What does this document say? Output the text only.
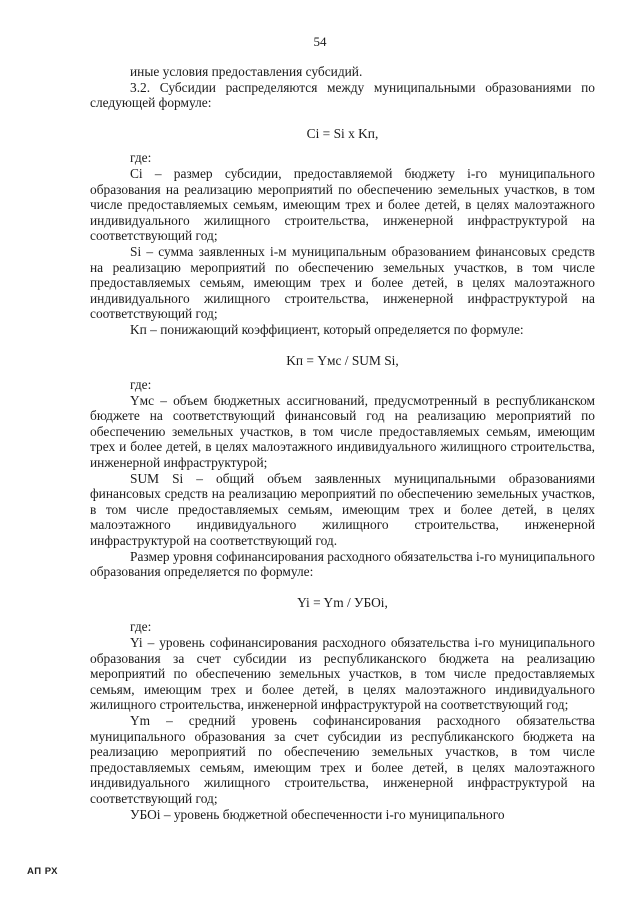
54

иные условия предоставления субсидий.

3.2. Субсидии распределяются между муниципальными образованиями по следующей формуле:

Ci = Si x Kп,

где:

Ci – размер субсидии, предоставляемой бюджету i-го муниципального образования на реализацию мероприятий по обеспечению земельных участков, в том числе предоставляемых семьям, имеющим трех и более детей, в целях малоэтажного индивидуального жилищного строительства, инженерной инфраструктурой на соответствующий год;

Si – сумма заявленных i-м муниципальным образованием финансовых средств на реализацию мероприятий по обеспечению земельных участков, в том числе предоставляемых семьям, имеющим трех и более детей, в целях малоэтажного индивидуального жилищного строительства, инженерной инфраструктурой на соответствующий год;

Kп – понижающий коэффициент, который определяется по формуле:

Kп = Yмс / SUM Si,

где:

Yмс – объем бюджетных ассигнований, предусмотренный в республиканском бюджете на соответствующий финансовый год на реализацию мероприятий по обеспечению земельных участков, в том числе предоставляемых семьям, имеющим трех и более детей, в целях малоэтажного индивидуального жилищного строительства, инженерной инфраструктурой;

SUM Si – общий объем заявленных муниципальными образованиями финансовых средств на реализацию мероприятий по обеспечению земельных участков, в том числе предоставляемых семьям, имеющим трех и более детей, в целях малоэтажного индивидуального жилищного строительства, инженерной инфраструктурой на соответствующий год.

Размер уровня софинансирования расходного обязательства i-го муниципального образования определяется по формуле:

Yi = Ym / УБОi,

где:

Yi – уровень софинансирования расходного обязательства i-го муниципального образования за счет субсидии из республиканского бюджета на реализацию мероприятий по обеспечению земельных участков, в том числе предоставляемых семьям, имеющим трех и более детей, в целях малоэтажного индивидуального жилищного строительства, инженерной инфраструктурой на соответствующий год;

Ym – средний уровень софинансирования расходного обязательства муниципального образования за счет субсидии из республиканского бюджета на реализацию мероприятий по обеспечению земельных участков, в том числе предоставляемых семьям, имеющим трех и более детей, в целях малоэтажного индивидуального жилищного строительства, инженерной инфраструктурой на соответствующий год;

УБОi – уровень бюджетной обеспеченности i-го муниципального

АП РХ
